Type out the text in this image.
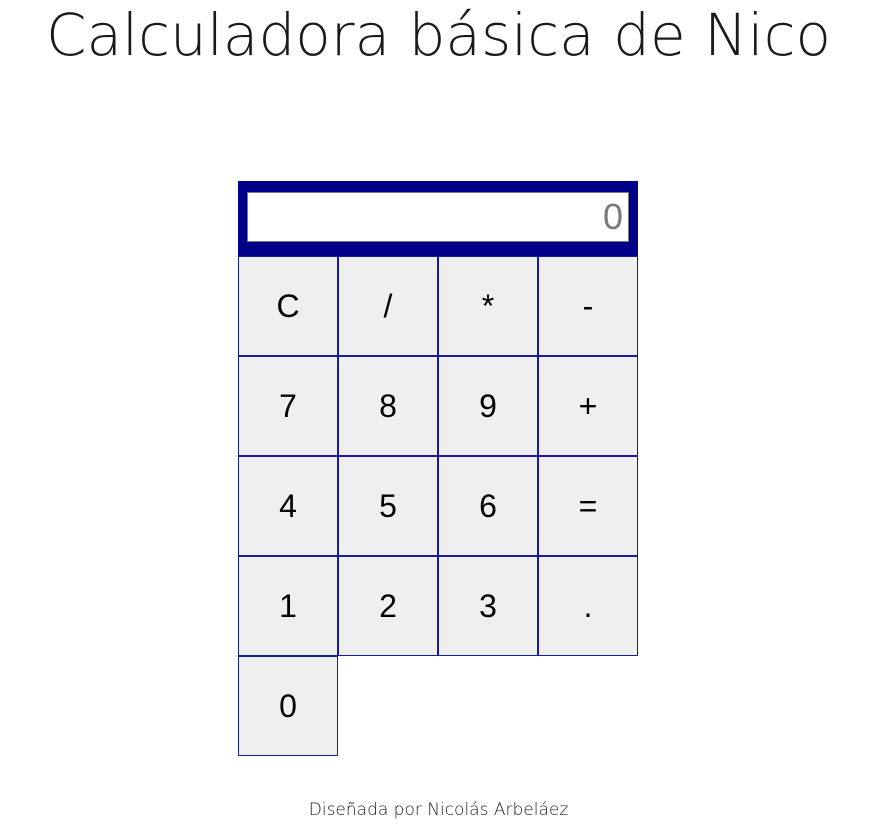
Calculadora básica de Nico
0
C	/	*	-
7	8	9	+
4	5	6	=
1	2	3	.
0
Diseñada por Nicolás Arbeláez
